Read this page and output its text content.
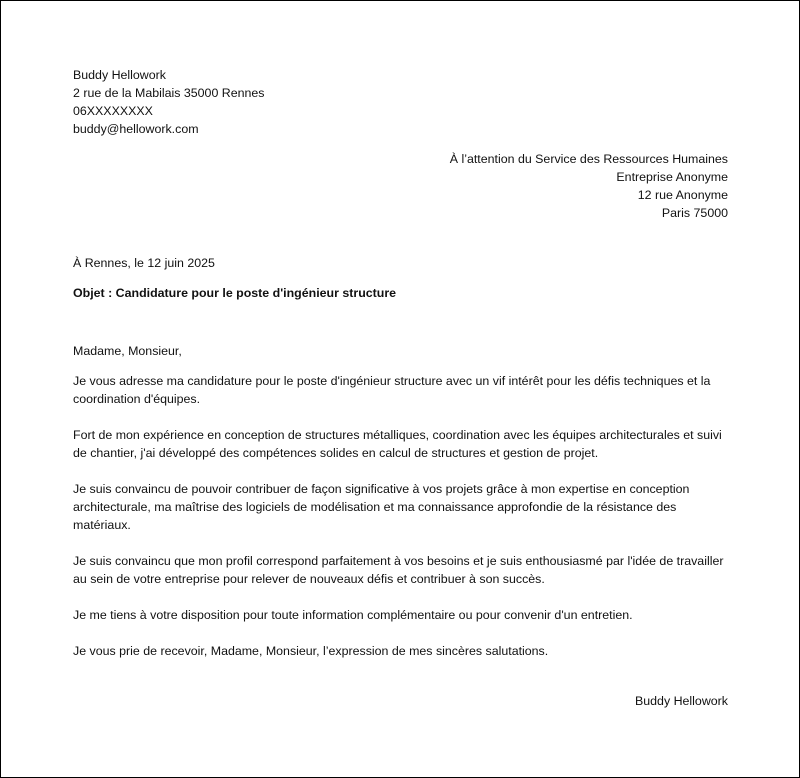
Buddy Hellowork
2 rue de la Mabilais 35000 Rennes
06XXXXXXXX
buddy@hellowork.com
À l’attention du Service des Ressources Humaines
Entreprise Anonyme
12 rue Anonyme
Paris 75000
À Rennes, le 12 juin 2025
Objet : Candidature pour le poste d'ingénieur structure
Madame, Monsieur,

Je vous adresse ma candidature pour le poste d'ingénieur structure avec un vif intérêt pour les défis techniques et la coordination d'équipes.

Fort de mon expérience en conception de structures métalliques, coordination avec les équipes architecturales et suivi de chantier, j'ai développé des compétences solides en calcul de structures et gestion de projet.

Je suis convaincu de pouvoir contribuer de façon significative à vos projets grâce à mon expertise en conception architecturale, ma maîtrise des logiciels de modélisation et ma connaissance approfondie de la résistance des matériaux.

Je suis convaincu que mon profil correspond parfaitement à vos besoins et je suis enthousiasmé par l'idée de travailler au sein de votre entreprise pour relever de nouveaux défis et contribuer à son succès.

Je me tiens à votre disposition pour toute information complémentaire ou pour convenir d'un entretien.

Je vous prie de recevoir, Madame, Monsieur, l’expression de mes sincères salutations.

Buddy Hellowork
